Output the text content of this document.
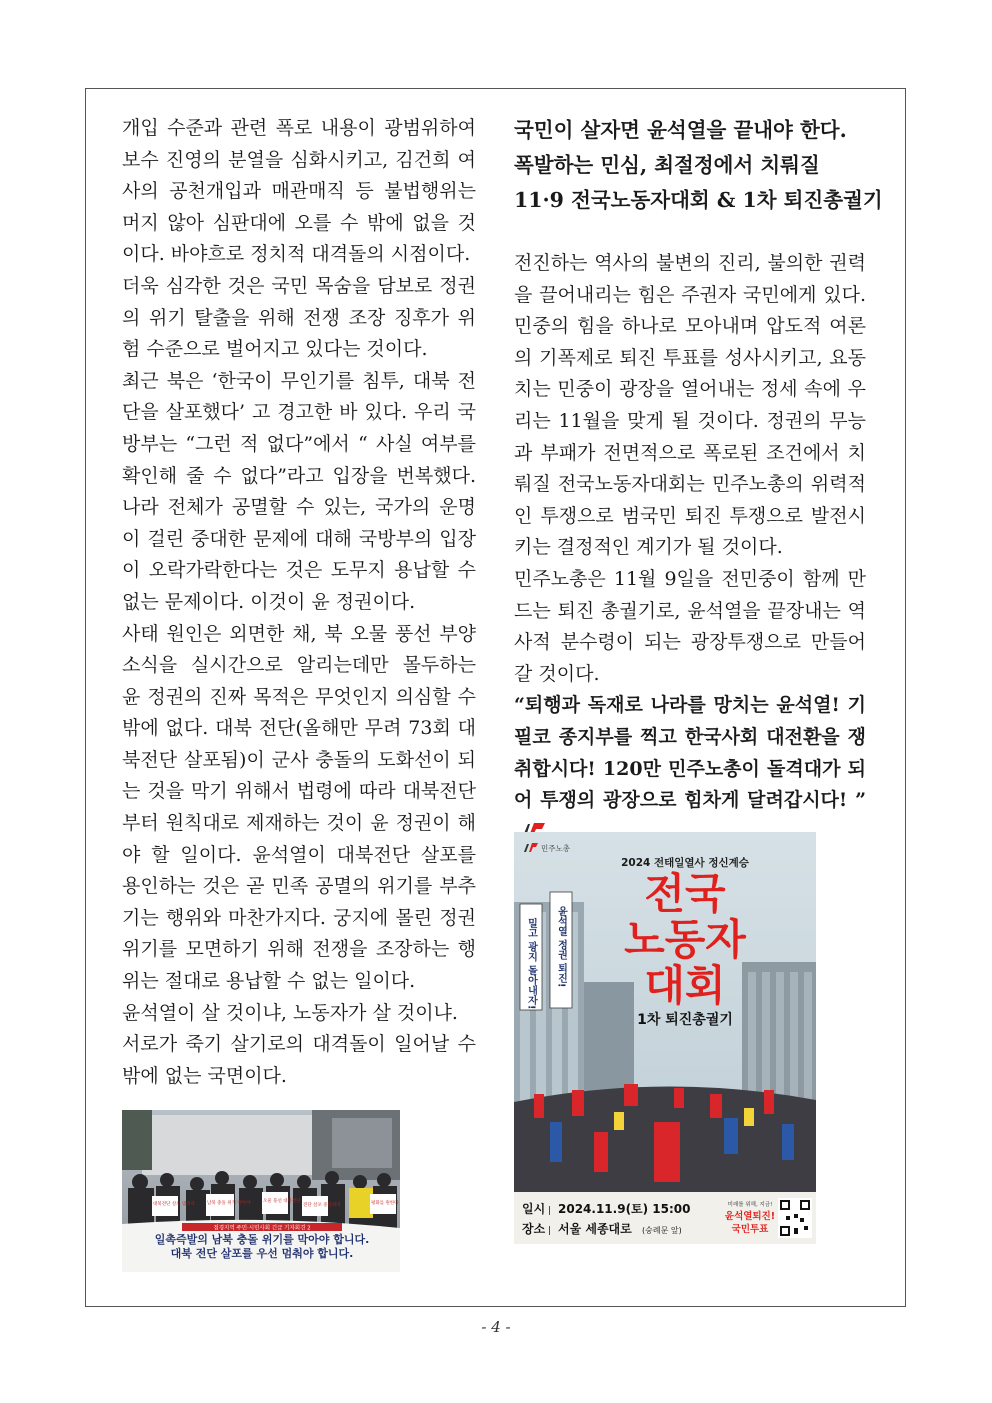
개입 수준과 관련 폭로 내용이 광범위하여 보수 진영의 분열을 심화시키고, 김건희 여사의 공천개입과 매관매직 등 불법행위는 머지 않아 심판대에 오를 수 밖에 없을 것이다. 바야흐로 정치적 대격돌의 시점이다.

더욱 심각한 것은 국민 목숨을 담보로 정권의 위기 탈출을 위해 전쟁 조장 징후가 위험 수준으로 벌어지고 있다는 것이다.

최근 북은 ‘한국이 무인기를 침투, 대북 전단을 살포했다’ 고 경고한 바 있다. 우리 국방부는 “그런 적 없다”에서 “ 사실 여부를 확인해 줄 수 없다”라고 입장을 번복했다. 나라 전체가 공멸할 수 있는, 국가의 운명이 걸린 중대한 문제에 대해 국방부의 입장이 오락가락한다는 것은 도무지 용납할 수 없는 문제이다. 이것이 윤 정권이다.

사태 원인은 외면한 채, 북 오물 풍선 부양 소식을 실시간으로 알리는데만 몰두하는 윤 정권의 진짜 목적은 무엇인지 의심할 수 밖에 없다. 대북 전단(올해만 무려 73회 대북전단 살포됨)이 군사 충돌의 도화선이 되는 것을 막기 위해서 법령에 따라 대북전단부터 원칙대로 제재하는 것이 윤 정권이 해야 할 일이다. 윤석열이 대북전단 살포를 용인하는 것은 곧 민족 공멸의 위기를 부추기는 행위와 마찬가지다. 궁지에 몰린 정권 위기를 모면하기 위해 전쟁을 조장하는 행위는 절대로 용납할 수 없는 일이다.

윤석열이 살 것이냐, 노동자가 살 것이냐.

서로가 죽기 살기로의 대격돌이 일어날 수 밖에 없는 국면이다.

대북전단 살포 멈춰라	남북 충돌 위기 막아야	오물 풍선 대북전단
전단 살포 중단하라	평화를 원한다
접경지역 주민·시민사회 긴급 기자회견 2
일촉즉발의 남북 충돌 위기를 막아야 합니다.
대북 전단 살포를 우선 멈춰야 합니다.
국민이 살자면 윤석열을 끝내야 한다.
폭발하는 민심, 최절정에서 치뤄질
11·9 전국노동자대회 & 1차 퇴진총궐기

전진하는 역사의 불변의 진리, 불의한 권력을 끌어내리는 힘은 주권자 국민에게 있다. 민중의 힘을 하나로 모아내며 압도적 여론의 기폭제로 퇴진 투표를 성사시키고, 요동치는 민중이 광장을 열어내는 정세 속에 우리는 11월을 맞게 될 것이다. 정권의 무능과 부패가 전면적으로 폭로된 조건에서 치뤄질 전국노동자대회는 민주노총의 위력적인 투쟁으로 범국민 퇴진 투쟁으로 발전시키는 결정적인 계기가 될 것이다.

민주노총은 11월 9일을 전민중이 함께 만드는 퇴진 총궐기로, 윤석열을 끝장내는 역사적 분수령이 되는 광장투쟁으로 만들어 갈 것이다.

“퇴행과 독재로 나라를 망치는 윤석열! 기필코 종지부를 찍고 한국사회 대전환을 쟁취합시다! 120만 민주노총이 돌격대가 되어 투쟁의 광장으로 힘차게 달려갑시다! ”

밀고 광지 돌아내자! 윤석열 정권 퇴진!
민주노총
2024 전태일열사 정신계승
전국
노동자
대회
1차 퇴진총궐기
일시 | 2024.11.9(토) 15:00
장소 | 서울 세종대로 (숭례문 앞)
미래를 위해, 지금!
윤석열퇴진!
국민투표
- 4 -
